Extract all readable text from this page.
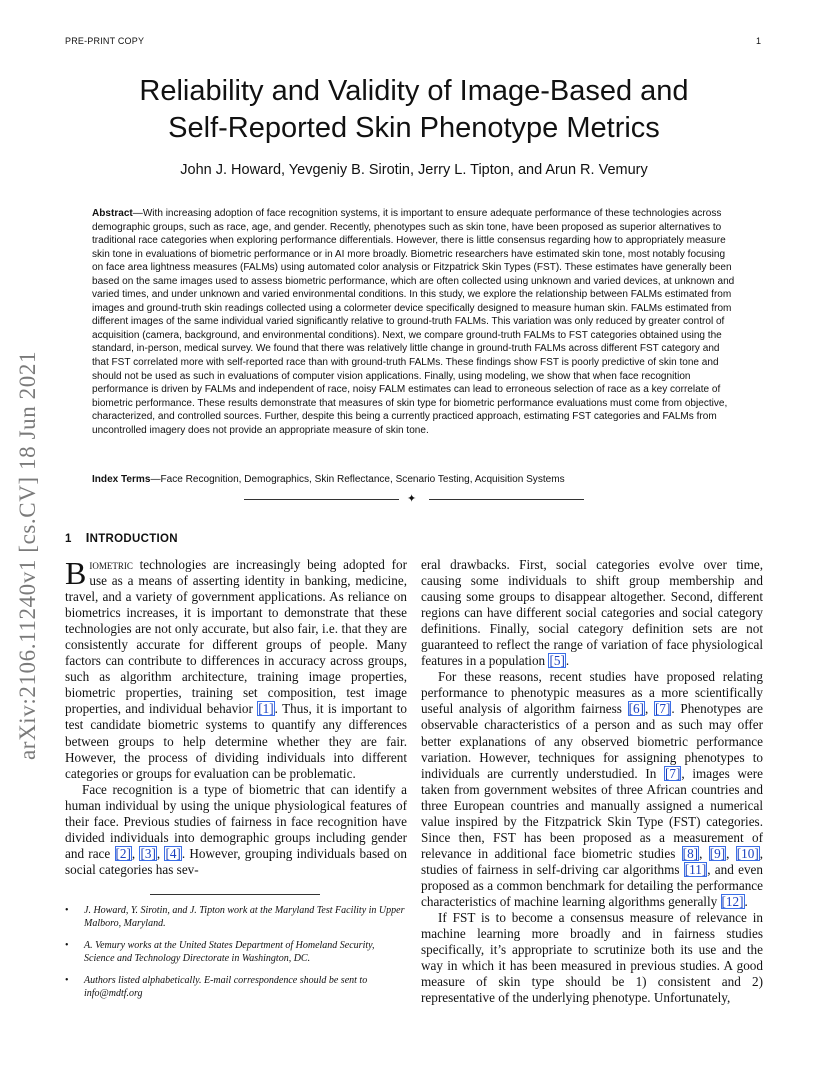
PRE-PRINT COPY	1
arXiv:2106.11240v1 [cs.CV] 18 Jun 2021
Reliability and Validity of Image-Based and
Self-Reported Skin Phenotype Metrics
John J. Howard, Yevgeniy B. Sirotin, Jerry L. Tipton, and Arun R. Vemury

Abstract—With increasing adoption of face recognition systems, it is important to ensure adequate performance of these technologies across demographic groups, such as race, age, and gender. Recently, phenotypes such as skin tone, have been proposed as superior alternatives to traditional race categories when exploring performance differentials. However, there is little consensus regarding how to appropriately measure skin tone in evaluations of biometric performance or in AI more broadly. Biometric researchers have estimated skin tone, most notably focusing on face area lightness measures (FALMs) using automated color analysis or Fitzpatrick Skin Types (FST). These estimates have generally been based on the same images used to assess biometric performance, which are often collected using unknown and varied devices, at unknown and varied times, and under unknown and varied environmental conditions. In this study, we explore the relationship between FALMs estimated from images and ground-truth skin readings collected using a colormeter device specifically designed to measure human skin. FALMs estimated from different images of the same individual varied significantly relative to ground-truth FALMs. This variation was only reduced by greater control of acquisition (camera, background, and environmental conditions). Next, we compare ground-truth FALMs to FST categories obtained using the standard, in-person, medical survey. We found that there was relatively little change in ground-truth FALMs across different FST category and that FST correlated more with self-reported race than with ground-truth FALMs. These findings show FST is poorly predictive of skin tone and should not be used as such in evaluations of computer vision applications. Finally, using modeling, we show that when face recognition performance is driven by FALMs and independent of race, noisy FALM estimates can lead to erroneous selection of race as a key correlate of biometric performance. These results demonstrate that measures of skin type for biometric performance evaluations must come from objective, characterized, and controlled sources. Further, despite this being a currently practiced approach, estimating FST categories and FALMs from uncontrolled imagery does not provide an appropriate measure of skin tone.

Index Terms—Face Recognition, Demographics, Skin Reflectance, Scenario Testing, Acquisition Systems

✦
1 INTRODUCTION

Biometric technologies are increasingly being adopted for use as a means of asserting identity in banking, medicine, travel, and a variety of government applications. As reliance on biometrics increases, it is important to demonstrate that these technologies are not only accurate, but also fair, i.e. that they are consistently accurate for different groups of people. Many factors can contribute to differences in accuracy across groups, such as algorithm architecture, training image properties, biometric properties, training set composition, test image properties, and individual behavior [1]. Thus, it is important to test candidate biometric systems to quantify any differences between groups to help determine whether they are fair. However, the process of dividing individuals into different categories or groups for evaluation can be problematic.

Face recognition is a type of biometric that can identify a human individual by using the unique physiological features of their face. Previous studies of fairness in face recognition have divided individuals into demographic groups including gender and race [2], [3], [4]. However, grouping individuals based on social categories has sev-

• J. Howard, Y. Sirotin, and J. Tipton work at the Maryland Test Facility in Upper Malboro, Maryland.
• A. Vemury works at the United States Department of Homeland Security, Science and Technology Directorate in Washington, DC.
• Authors listed alphabetically. E-mail correspondence should be sent to info@mdtf.org

eral drawbacks. First, social categories evolve over time, causing some individuals to shift group membership and causing some groups to disappear altogether. Second, different regions can have different social categories and social category definitions. Finally, social category definition sets are not guaranteed to reflect the range of variation of face physiological features in a population [5].

For these reasons, recent studies have proposed relating performance to phenotypic measures as a more scientifically useful analysis of algorithm fairness [6], [7]. Phenotypes are observable characteristics of a person and as such may offer better explanations of any observed biometric performance variation. However, techniques for assigning phenotypes to individuals are currently understudied. In [7], images were taken from government websites of three African countries and three European countries and manually assigned a numerical value inspired by the Fitzpatrick Skin Type (FST) categories. Since then, FST has been proposed as a measurement of relevance in additional face biometric studies [8], [9], [10], studies of fairness in self-driving car algorithms [11], and even proposed as a common benchmark for detailing the performance characteristics of machine learning algorithms generally [12].

If FST is to become a consensus measure of relevance in machine learning more broadly and in fairness studies specifically, it’s appropriate to scrutinize both its use and the way in which it has been measured in previous studies. A good measure of skin type should be 1) consistent and 2) representative of the underlying phenotype. Unfortunately,
